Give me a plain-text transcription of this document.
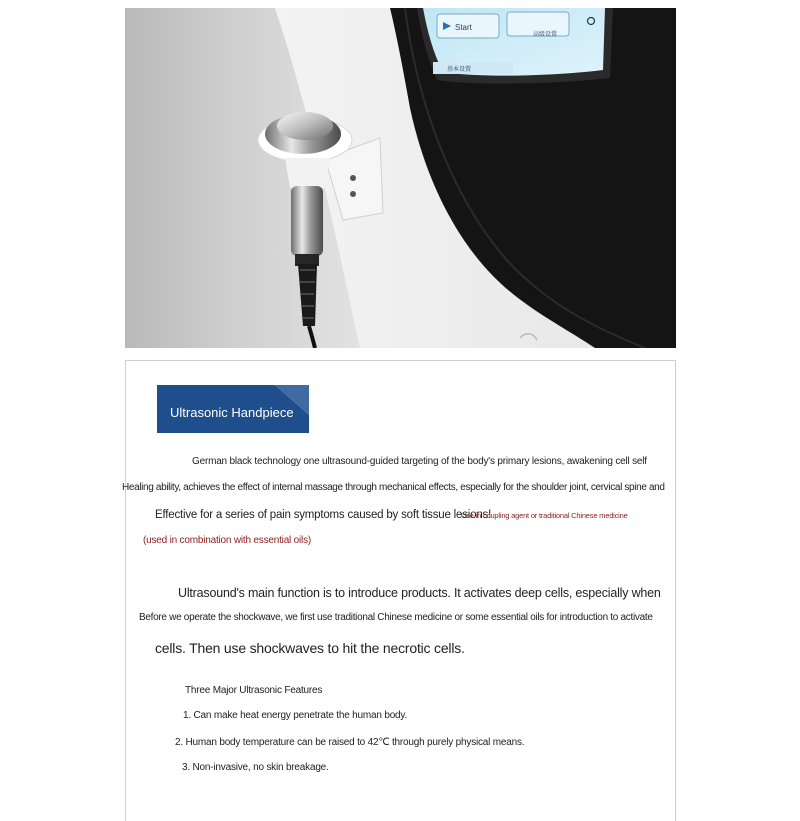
Start
高级设置
基本设置
Ultrasonic Handpiece
German black technology one ultrasound-guided targeting of the body's primary lesions, awakening cell self
Healing ability, achieves the effect of internal massage through mechanical effects, especially for the shoulder joint, cervical spine and
Effective for a series of pain symptoms caused by soft tissue lesions!
Use in coupling agent or traditional Chinese medicine
(used in combination with essential oils)
Ultrasound's main function is to introduce products. It activates deep cells, especially when
Before we operate the shockwave, we first use traditional Chinese medicine or some essential oils for introduction to activate
cells. Then use shockwaves to hit the necrotic cells.
Three Major Ultrasonic Features
1. Can make heat energy penetrate the human body.
2. Human body temperature can be raised to 42℃ through purely physical means.
3. Non-invasive, no skin breakage.
